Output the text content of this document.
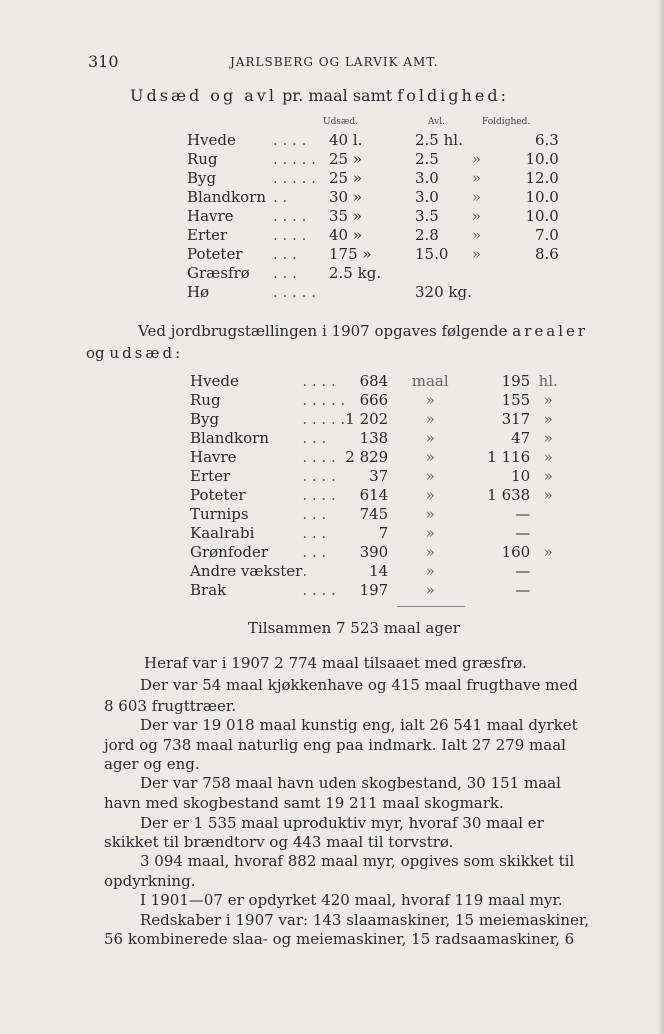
310	JARLSBERG OG LARVIK AMT.
Udsæd og avl pr. maal samt foldighed:
Udsæd.	Avl.	Foldighed.
Hvede	. . . .	40 l.	2.5 hl.		6.3
Rug	. . . . .	25 »	2.5	»	10.0
Byg	. . . . .	25 »	3.0	»	12.0
Blandkorn	. .	30 »	3.0	»	10.0
Havre	. . . .	35 »	3.5	»	10.0
Erter	. . . .	40 »	2.8	»	7.0
Poteter	. . .	175 »	15.0	»	8.6
Græsfrø	. . .	2.5 kg.			
Hø	. . . . .		320 kg.		
Ved jordbrugstællingen i 1907 opgaves følgende arealer
og udsæd:
Hvede	. . . .	684	maal	195	hl.
Rug	. . . . .	666	»	155	»
Byg	. . . . .	1 202	»	317	»
Blandkorn	. . .	138	»	47	»
Havre	. . . .	2 829	»	1 116	»
Erter	. . . .	37	»	10	»
Poteter	. . . .	614	»	1 638	»
Turnips	. . .	745	»	—	
Kaalrabi	. . .	7	»	—	
Grønfoder	. . .	390	»	160	»
Andre vækster	.	14	»	—	
Brak	. . . .	197	»	—	
Tilsammen 7 523 maal ager
Heraf var i 1907 2 774 maal tilsaaet med græsfrø.
Der var 54 maal kjøkkenhave og 415 maal frugthave med
8 603 frugttræer.
Der var 19 018 maal kunstig eng, ialt 26 541 maal dyrket
jord og 738 maal naturlig eng paa indmark. Ialt 27 279 maal
ager og eng.
Der var 758 maal havn uden skogbestand, 30 151 maal
havn med skogbestand samt 19 211 maal skogmark.
Der er 1 535 maal uproduktiv myr, hvoraf 30 maal er
skikket til brændtorv og 443 maal til torvstrø.
3 094 maal, hvoraf 882 maal myr, opgives som skikket til
opdyrkning.
I 1901—07 er opdyrket 420 maal, hvoraf 119 maal myr.
Redskaber i 1907 var: 143 slaamaskiner, 15 meiemaskiner,
56 kombinerede slaa- og meiemaskiner, 15 radsaamaskiner, 6
